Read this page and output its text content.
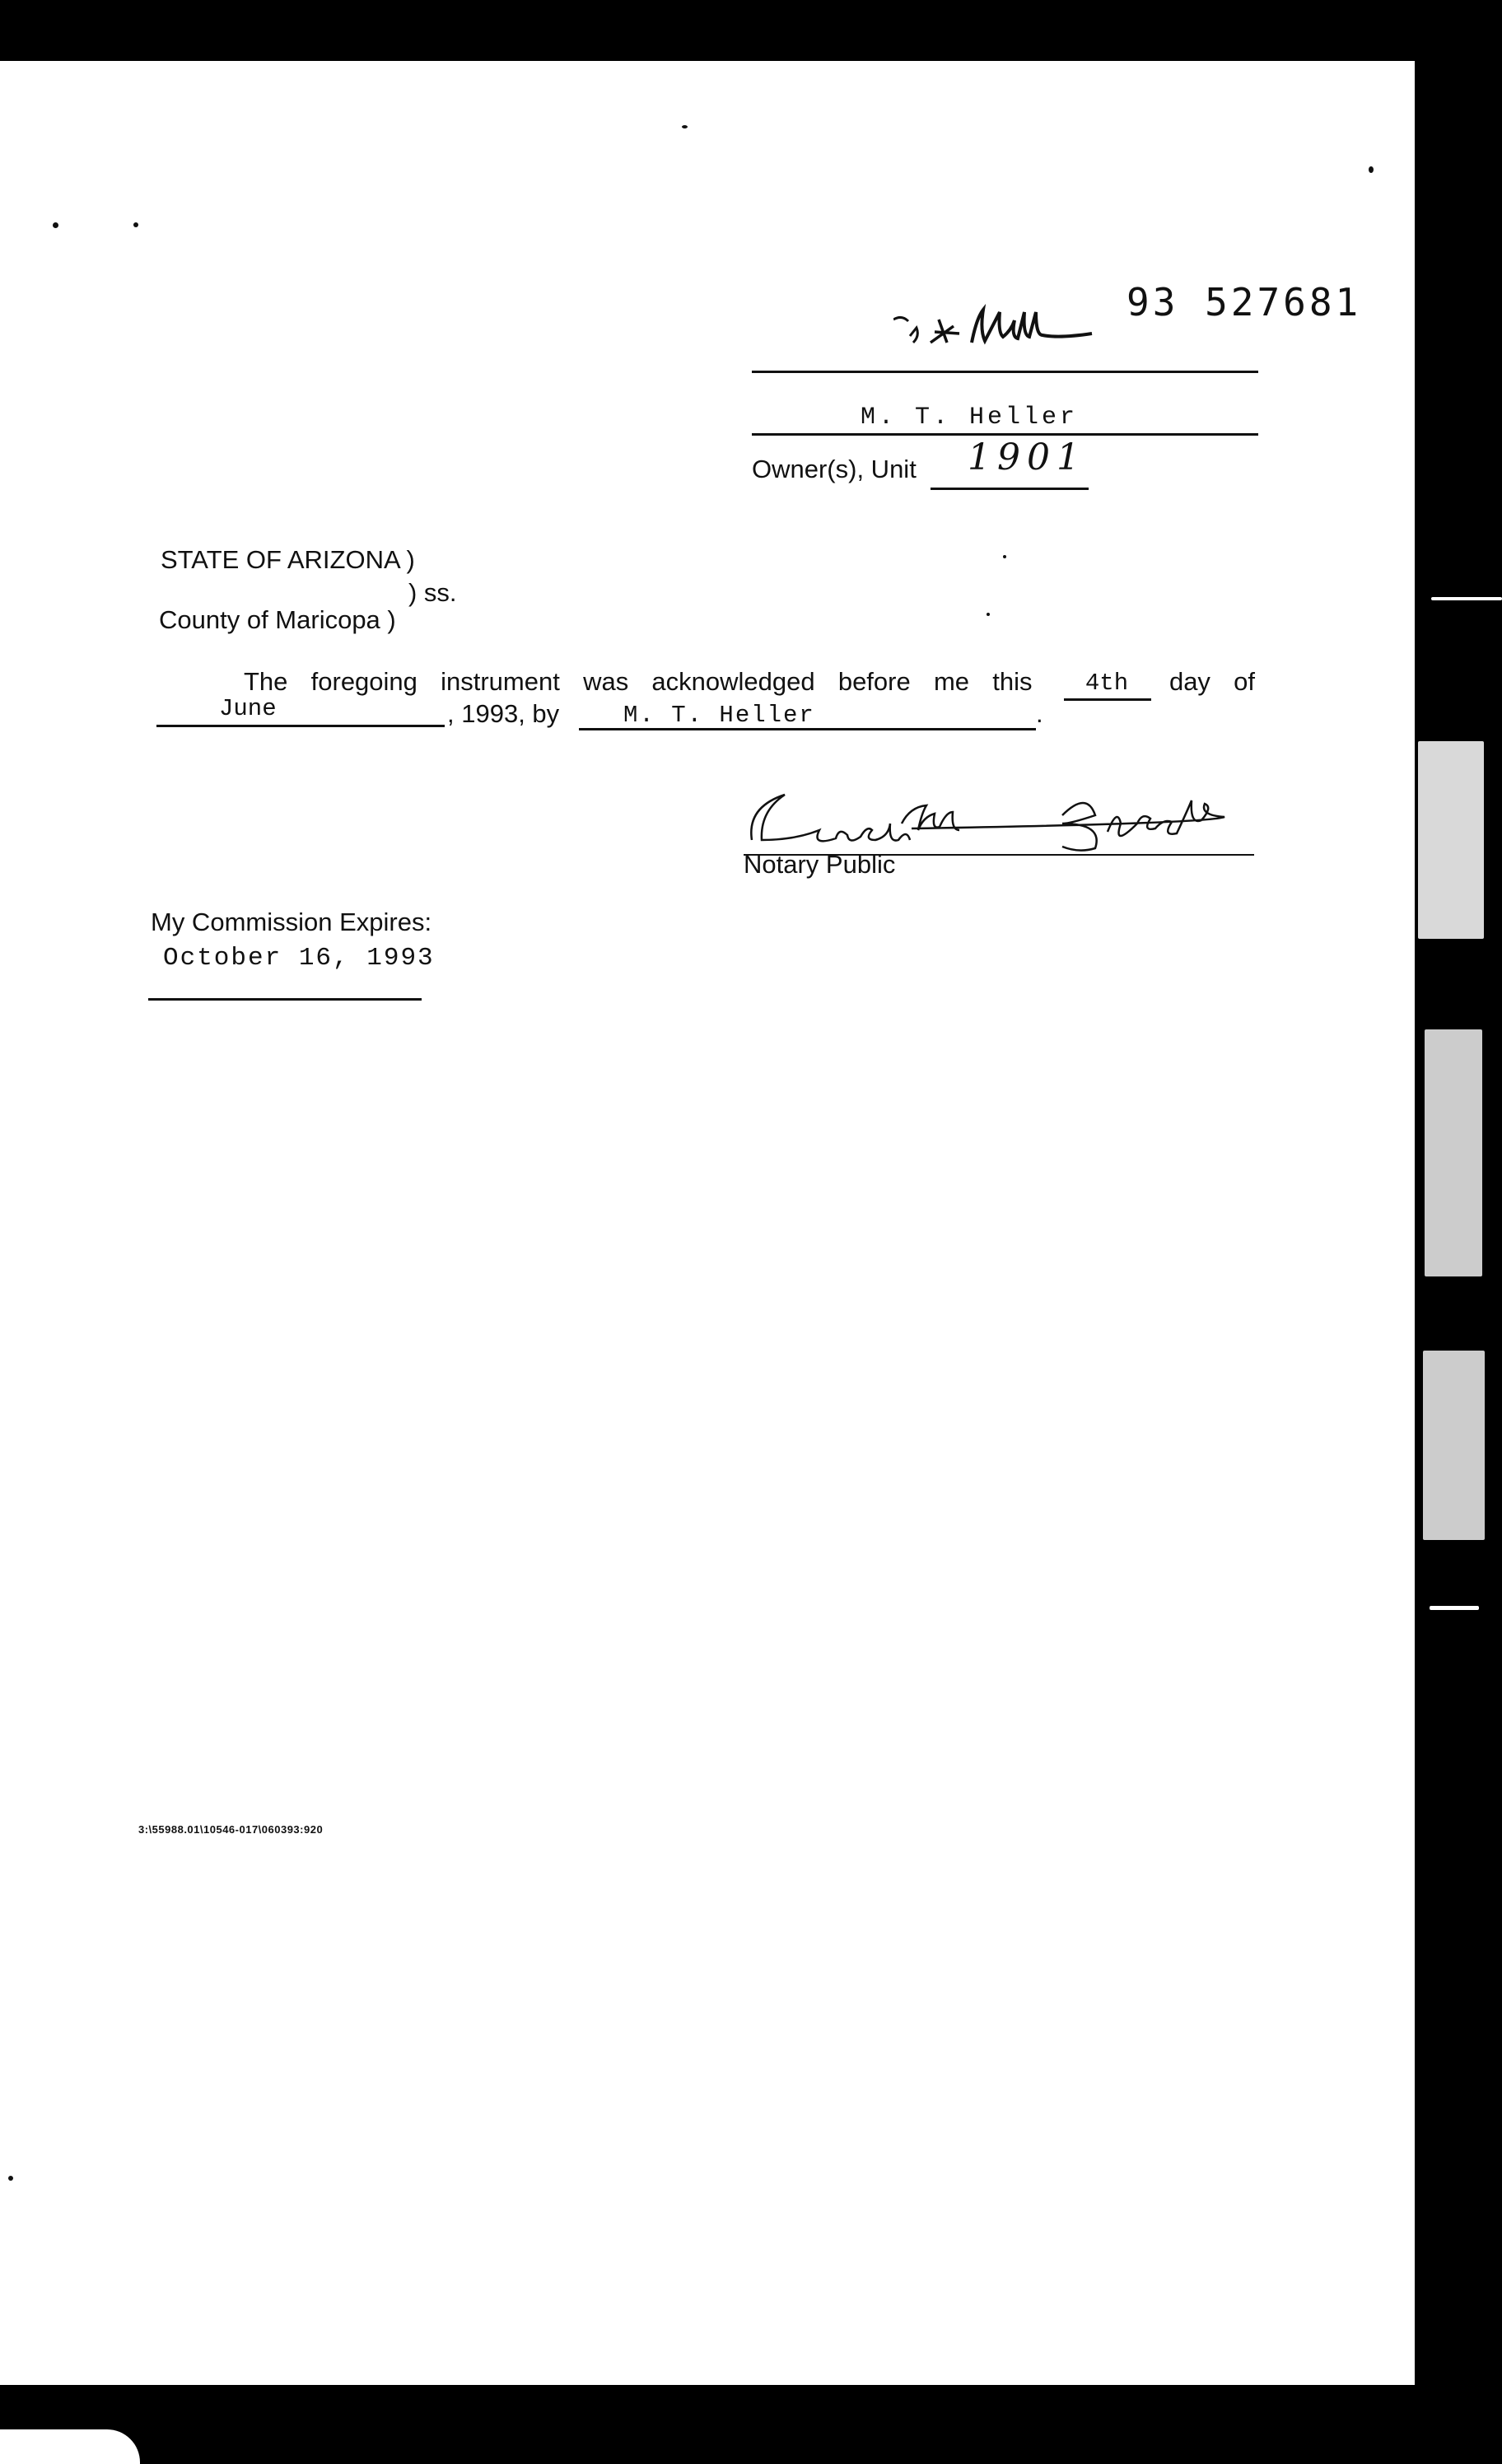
93 527681
M. T. Heller
Owner(s), Unit 1901
STATE OF ARIZONA )
) ss.
County of Maricopa )
The foregoing instrument was acknowledged before me this	day of
4th
June	, 1993, by	M. T. Heller	.
Notary Public
My Commission Expires:
October 16, 1993
3:\55988.01\10546-017\060393:920
